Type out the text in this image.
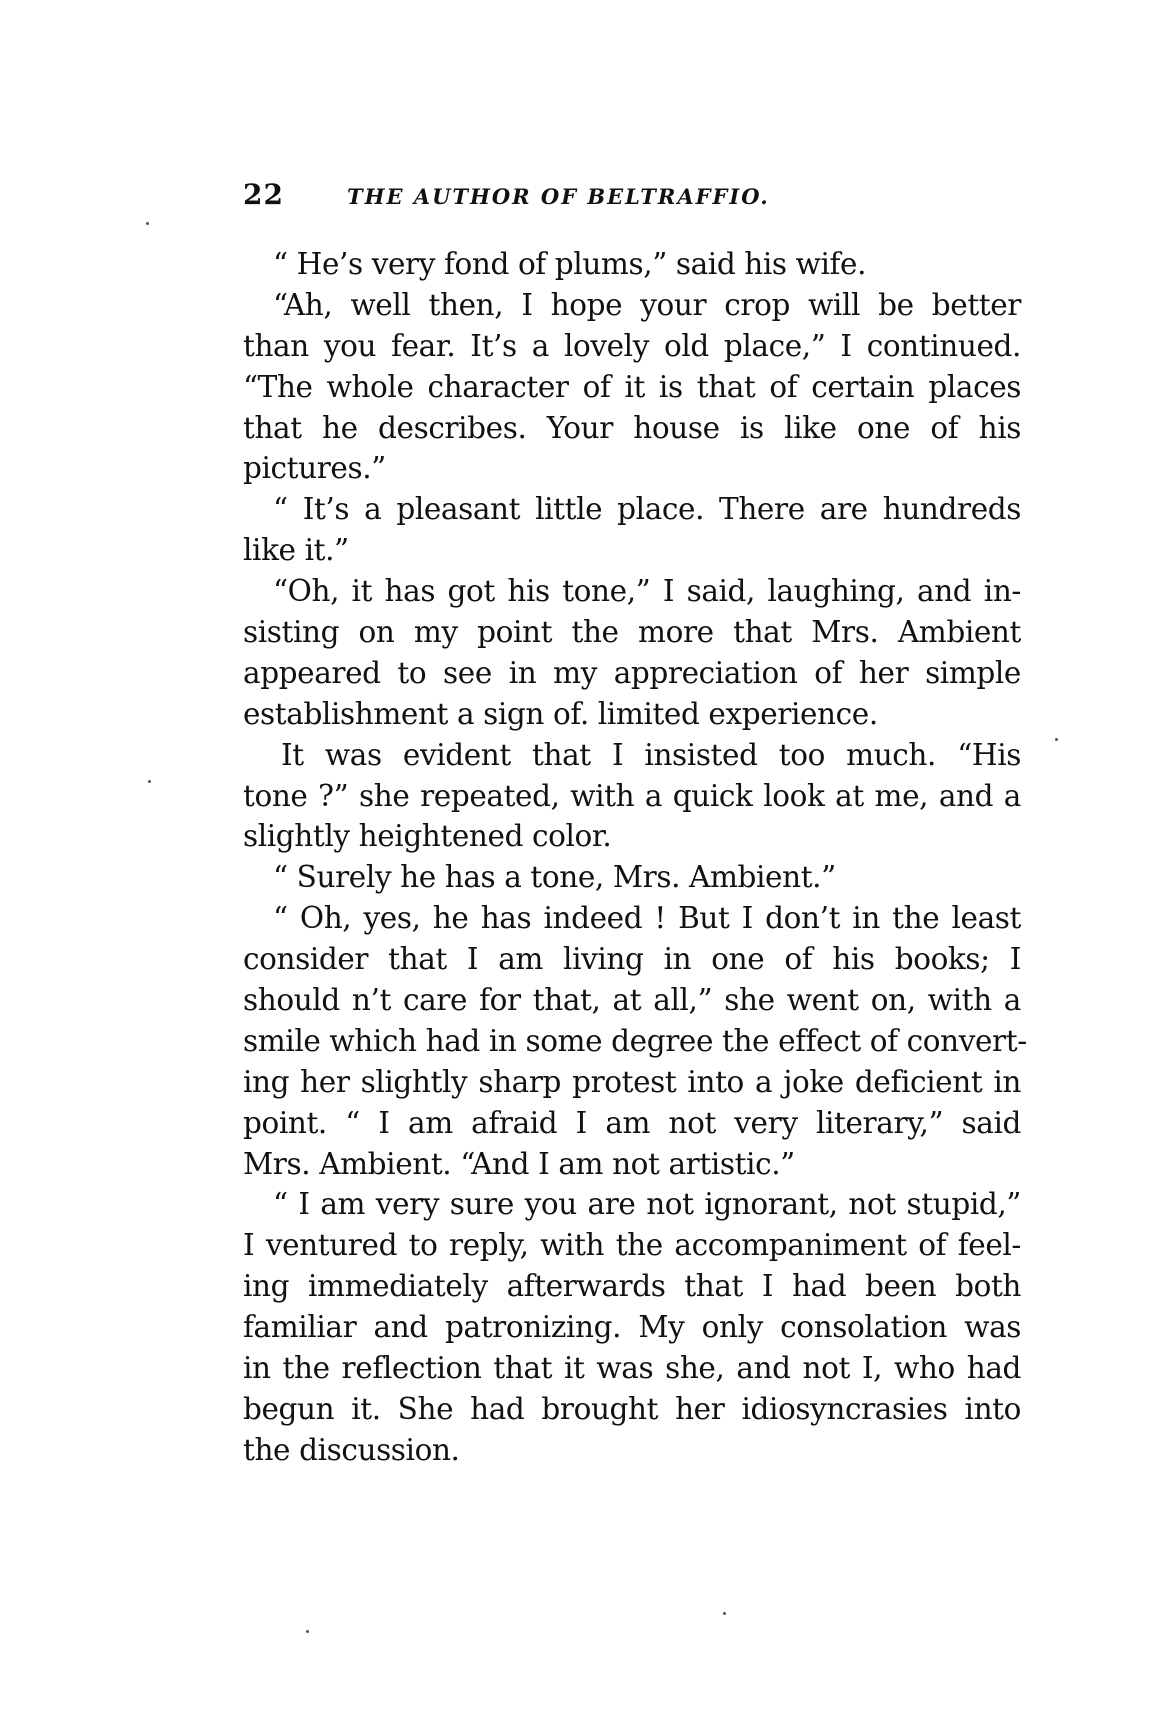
22	THE AUTHOR OF BELTRAFFIO.
“ He’s very fond of plums,” said his wife.
“Ah, well then, I hope your crop will be better
than you fear. It’s a lovely old place,” I continued.
“The whole character of it is that of certain places
that he describes. Your house is like one of his
pictures.”
“ It’s a pleasant little place. There are hundreds
like it.”
“Oh, it has got his tone,” I said, laughing, and in-
sisting on my point the more that Mrs. Ambient
appeared to see in my appreciation of her simple
establishment a sign of. limited experience.
It was evident that I insisted too much. “His
tone ?” she repeated, with a quick look at me, and a
slightly heightened color.
“ Surely he has a tone, Mrs. Ambient.”
“ Oh, yes, he has indeed ! But I don’t in the least
consider that I am living in one of his books; I
should n’t care for that, at all,” she went on, with a
smile which had in some degree the effect of convert-
ing her slightly sharp protest into a joke deficient in
point. “ I am afraid I am not very literary,” said
Mrs. Ambient. “And I am not artistic.”
“ I am very sure you are not ignorant, not stupid,”
I ventured to reply, with the accompaniment of feel-
ing immediately afterwards that I had been both
familiar and patronizing. My only consolation was
in the reflection that it was she, and not I, who had
begun it. She had brought her idiosyncrasies into
the discussion.
